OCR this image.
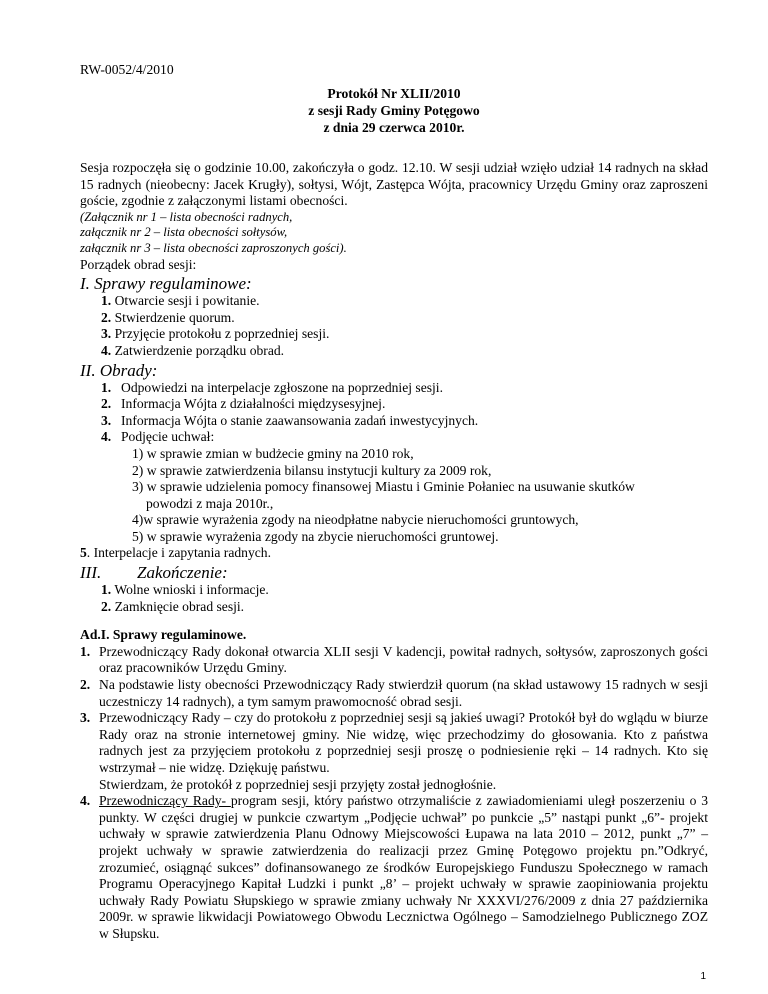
RW-0052/4/2010
Protokół Nr XLII/2010
z sesji Rady Gminy Potęgowo
z dnia 29 czerwca 2010r.
Sesja rozpoczęła się o godzinie 10.00, zakończyła o godz. 12.10. W sesji udział wzięło udział 14 radnych na skład 15 radnych (nieobecny: Jacek Krugły), sołtysi, Wójt, Zastępca Wójta, pracownicy Urzędu Gminy oraz zaproszeni goście, zgodnie z załączonymi listami obecności.
(Załącznik nr 1 – lista obecności radnych,
załącznik nr 2 – lista obecności sołtysów,
załącznik nr 3 – lista obecności zaproszonych gości).
Porządek obrad sesji:
I. Sprawy regulaminowe:
1. Otwarcie sesji i powitanie.
2. Stwierdzenie quorum.
3. Przyjęcie protokołu z poprzedniej sesji.
4. Zatwierdzenie porządku obrad.
II. Obrady:
1. Odpowiedzi na interpelacje zgłoszone na poprzedniej sesji.
2. Informacja Wójta z działalności międzysesyjnej.
3. Informacja Wójta o stanie zaawansowania zadań inwestycyjnych.
4. Podjęcie uchwał:
1) w sprawie zmian w budżecie gminy na 2010 rok,
2) w sprawie zatwierdzenia bilansu instytucji kultury za 2009 rok,
3) w sprawie udzielenia pomocy finansowej Miastu i Gminie Połaniec na usuwanie skutków
powodzi z maja 2010r.,
4)w sprawie wyrażenia zgody na nieodpłatne nabycie nieruchomości gruntowych,
5) w sprawie wyrażenia zgody na zbycie nieruchomości gruntowej.
5. Interpelacje i zapytania radnych.
III.	Zakończenie:
1. Wolne wnioski i informacje.
2. Zamknięcie obrad sesji.
Ad.I. Sprawy regulaminowe.
1. Przewodniczący Rady dokonał otwarcia XLII sesji V kadencji, powitał radnych, sołtysów, zaproszonych gości oraz pracowników Urzędu Gminy.
2. Na podstawie listy obecności Przewodniczący Rady stwierdził quorum (na skład ustawowy 15 radnych w sesji uczestniczy 14 radnych), a tym samym prawomocność obrad sesji.
3. Przewodniczący Rady – czy do protokołu z poprzedniej sesji są jakieś uwagi? Protokół był do wglądu w biurze Rady oraz na stronie internetowej gminy. Nie widzę, więc przechodzimy do głosowania. Kto z państwa radnych jest za przyjęciem protokołu z poprzedniej sesji proszę o podniesienie ręki – 14 radnych. Kto się wstrzymał – nie widzę. Dziękuję państwu.
Stwierdzam, że protokół z poprzedniej sesji przyjęty został jednogłośnie.
4. Przewodniczący Rady- program sesji, który państwo otrzymaliście z zawiadomieniami uległ poszerzeniu o 3 punkty. W części drugiej w punkcie czwartym „Podjęcie uchwał” po punkcie „5” nastąpi punkt „6”- projekt uchwały w sprawie zatwierdzenia Planu Odnowy Miejscowości Łupawa na lata 2010 – 2012, punkt „7” – projekt uchwały w sprawie zatwierdzenia do realizacji przez Gminę Potęgowo projektu pn.”Odkryć, zrozumieć, osiągnąć sukces” dofinansowanego ze środków Europejskiego Funduszu Społecznego w ramach Programu Operacyjnego Kapitał Ludzki i punkt „8’ – projekt uchwały w sprawie zaopiniowania projektu uchwały Rady Powiatu Słupskiego w sprawie zmiany uchwały Nr XXXVI/276/2009 z dnia 27 października 2009r. w sprawie likwidacji Powiatowego Obwodu Lecznictwa Ogólnego – Samodzielnego Publicznego ZOZ w Słupsku.
1
